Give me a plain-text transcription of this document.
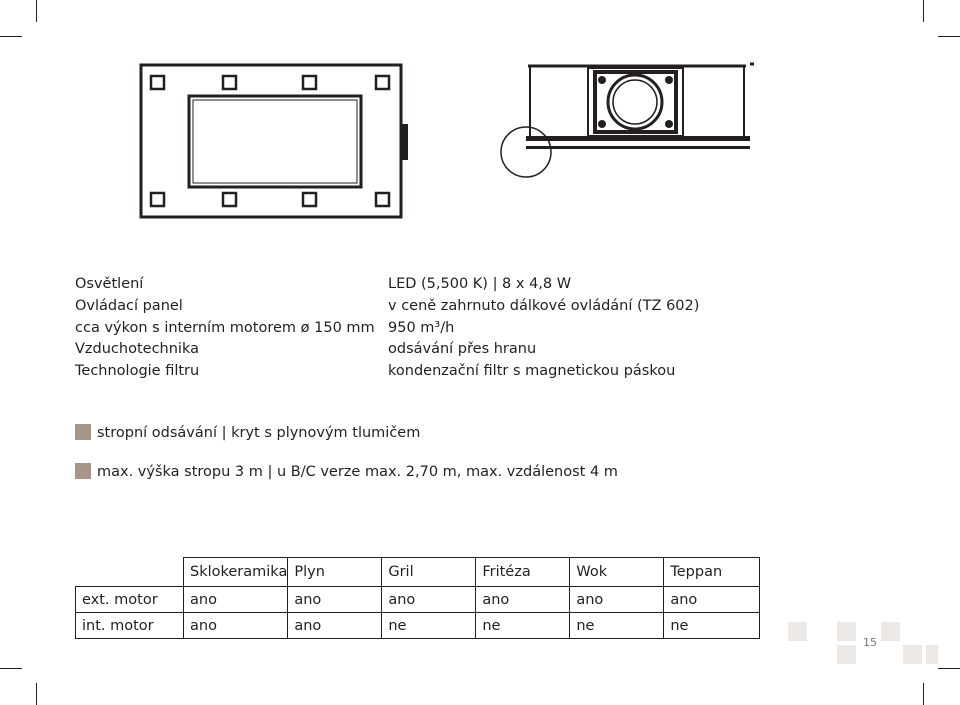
Osvětlení	LED (5,500 K) | 8 x 4,8 W
Ovládací panel	v ceně zahrnuto dálkové ovládání (TZ 602)
cca výkon s interním motorem ø 150 mm 950 m³/h
Vzduchotechnika	odsávání přes hranu
Technologie filtru	kondenzační filtr s magnetickou páskou
stropní odsávání | kryt s plynovým tlumičem
max. výška stropu 3 m | u B/C verze max. 2,70 m, max. vzdálenost 4 m
	Sklokeramika	Plyn	Gril	Fritéza	Wok	Teppan
ext. motor	ano	ano	ano	ano	ano	ano
int. motor	ano	ano	ne	ne	ne	ne
15
